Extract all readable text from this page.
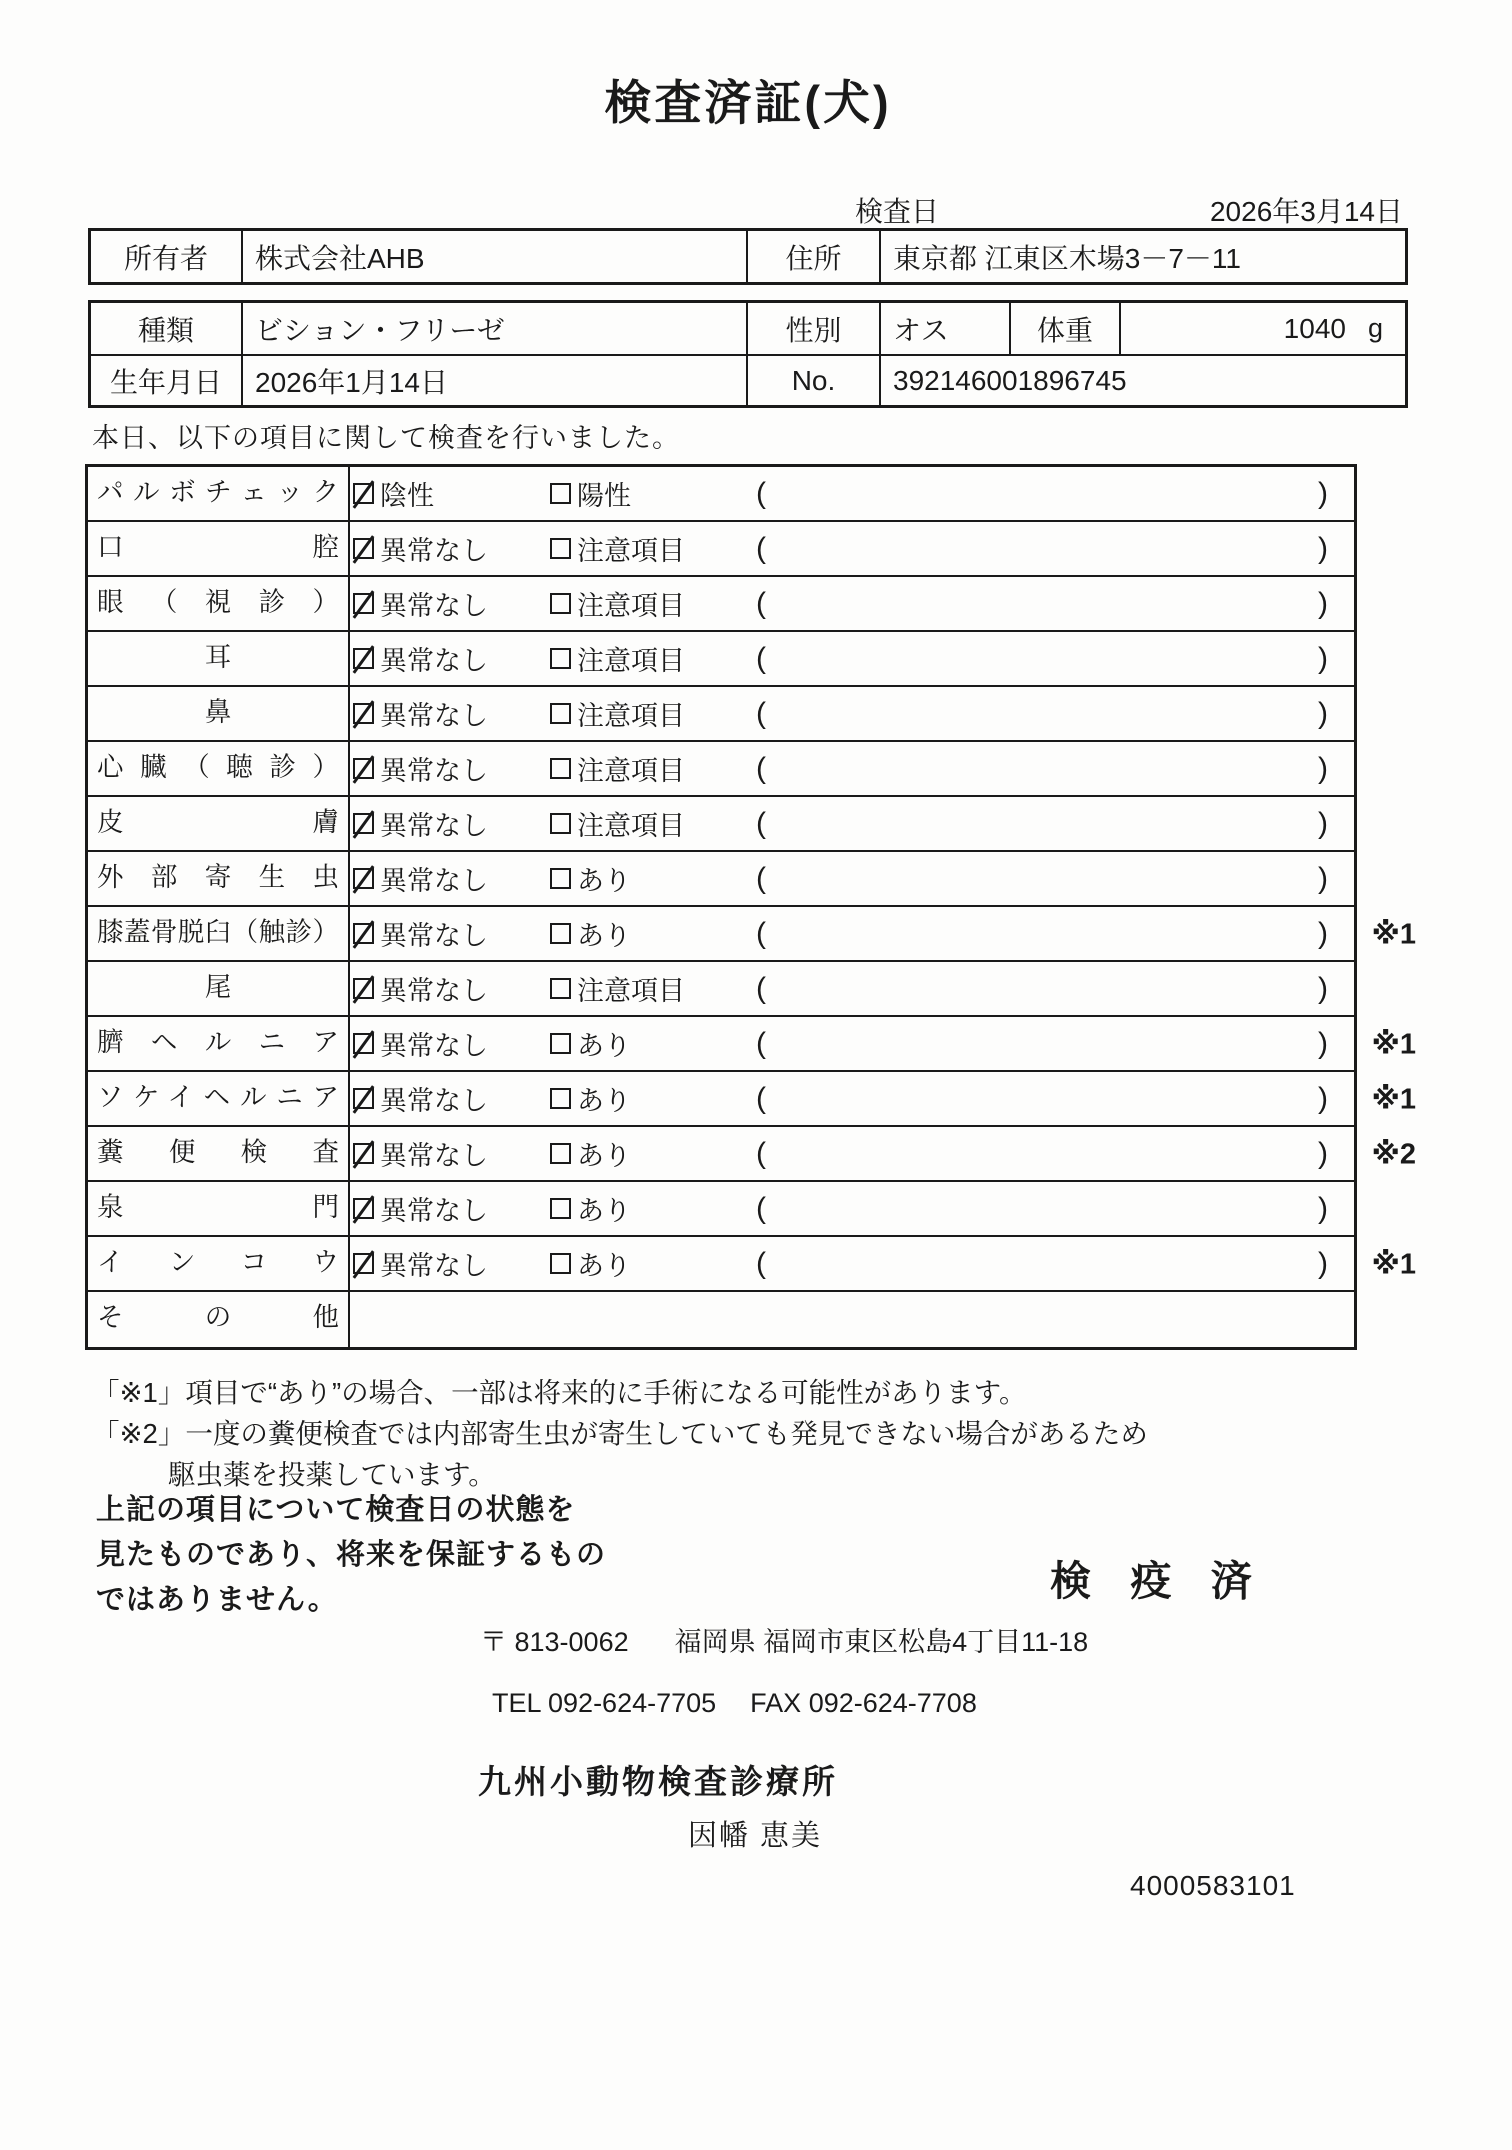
検査済証(犬)
検査日	2026年3月14日
所有者	株式会社AHB	住所	東京都 江東区木場3－7－11
種類	ビション・フリーゼ	性別	オス	体重	1040 g
生年月日	2026年1月14日	No.	392146001896745
本日、以下の項目に関して検査を行いました。
パルボチェック	陰性	陽性	(	)
口腔	異常なし	注意項目 (	)
眼（視診）	異常なし	注意項目 (	)
耳	異常なし	注意項目 (	)
鼻	異常なし	注意項目 (	)
心臓（聴診）	異常なし	注意項目 (	)
皮膚	異常なし	注意項目 (	)
外部寄生虫	異常なし	あり	(	)
膝蓋骨脱臼（触診）	異常なし	あり	(	) ※1
尾	異常なし	注意項目 (	)
臍ヘルニア	異常なし	あり	(	) ※1
ソケイヘルニア	異常なし	あり	(	) ※1
糞便検査	異常なし	あり	(	) ※2
泉門	異常なし	あり	(	)
インコウ	異常なし	あり	(	) ※1
その他
「※1」項目で“あり”の場合、一部は将来的に手術になる可能性があります。
「※2」一度の糞便検査では内部寄生虫が寄生していても発見できない場合があるため
駆虫薬を投薬しています。
上記の項目について検査日の状態を
見たものであり、将来を保証するもの
ではありません。	検 疫 済
〒 813-0062 福岡県 福岡市東区松島4丁目11-18
TEL 092-624-7705 FAX 092-624-7708
九州小動物検査診療所
因幡 恵美
4000583101
